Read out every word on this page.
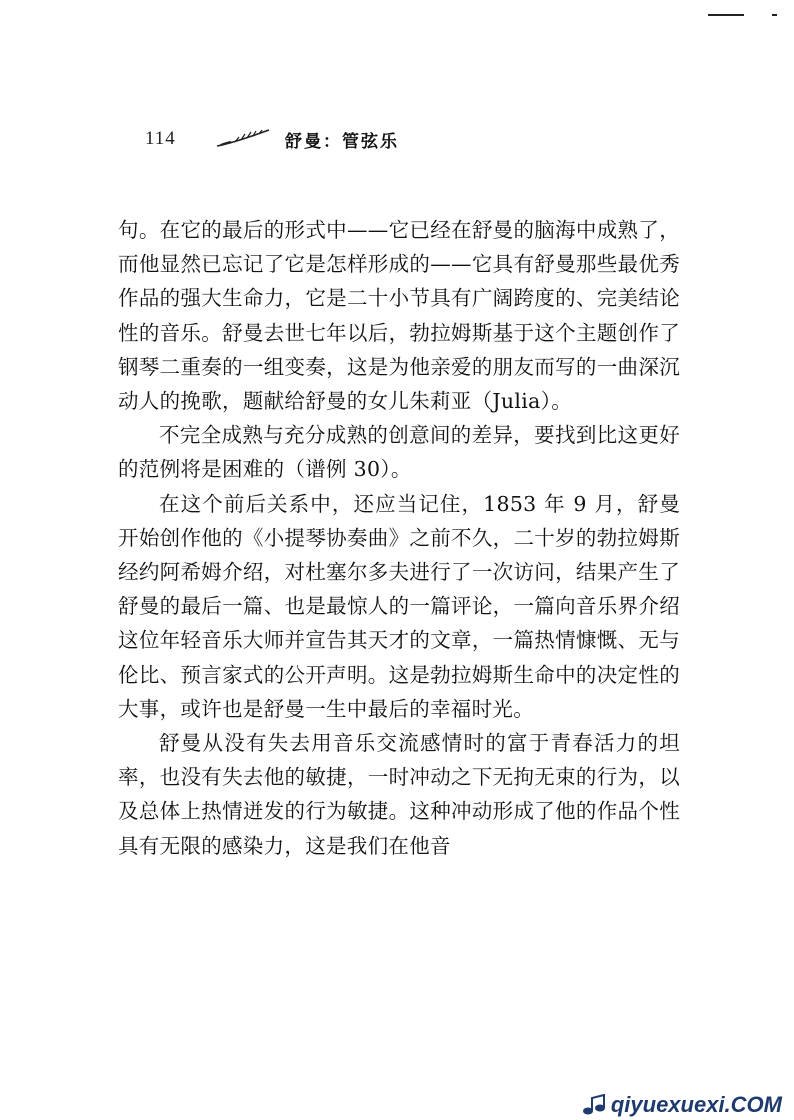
114	舒曼：管弦乐

句。在它的最后的形式中——它已经在舒曼的脑海中成熟了，而他显然已忘记了它是怎样形成的——它具有舒曼那些最优秀作品的强大生命力，它是二十小节具有广阔跨度的、完美结论性的音乐。舒曼去世七年以后，勃拉姆斯基于这个主题创作了钢琴二重奏的一组变奏，这是为他亲爱的朋友而写的一曲深沉动人的挽歌，题献给舒曼的女儿朱莉亚（Julia）。

不完全成熟与充分成熟的创意间的差异，要找到比这更好的范例将是困难的（谱例 30）。

在这个前后关系中，还应当记住，1853 年 9 月，舒曼开始创作他的《小提琴协奏曲》之前不久，二十岁的勃拉姆斯经约阿希姆介绍，对杜塞尔多夫进行了一次访问，结果产生了舒曼的最后一篇、也是最惊人的一篇评论，一篇向音乐界介绍这位年轻音乐大师并宣告其天才的文章，一篇热情慷慨、无与伦比、预言家式的公开声明。这是勃拉姆斯生命中的决定性的大事，或许也是舒曼一生中最后的幸福时光。

舒曼从没有失去用音乐交流感情时的富于青春活力的坦率，也没有失去他的敏捷，一时冲动之下无拘无束的行为，以及总体上热情迸发的行为敏捷。这种冲动形成了他的作品个性具有无限的感染力，这是我们在他音

qiyuexuexi.COM
